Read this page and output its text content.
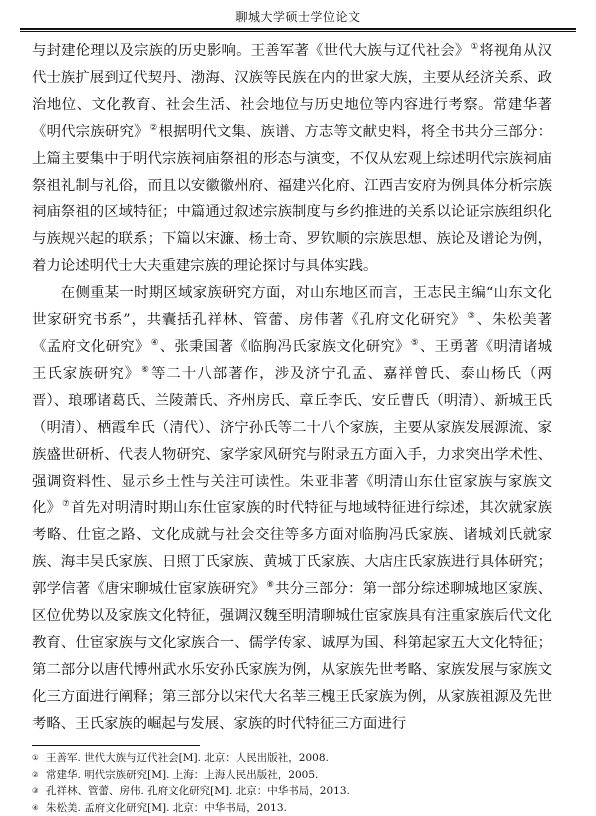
聊城大学硕士学位论文

与封建伦理以及宗族的历史影响。王善军著《世代大族与辽代社会》①将视角从汉代士族扩展到辽代契丹、渤海、汉族等民族在内的世家大族，主要从经济关系、政治地位、文化教育、社会生活、社会地位与历史地位等内容进行考察。常建华著《明代宗族研究》②根据明代文集、族谱、方志等文献史料，将全书共分三部分：上篇主要集中于明代宗族祠庙祭祖的形态与演变，不仅从宏观上综述明代宗族祠庙祭祖礼制与礼俗，而且以安徽徽州府、福建兴化府、江西吉安府为例具体分析宗族祠庙祭祖的区域特征；中篇通过叙述宗族制度与乡约推进的关系以论证宗族组织化与族规兴起的联系；下篇以宋濂、杨士奇、罗钦顺的宗族思想、族论及谱论为例，着力论述明代士大夫重建宗族的理论探讨与具体实践。

在侧重某一时期区域家族研究方面，对山东地区而言，王志民主编“山东文化世家研究书系”，共囊括孔祥林、管蕾、房伟著《孔府文化研究》③、朱松美著《孟府文化研究》④、张秉国著《临朐冯氏家族文化研究》⑤、王勇著《明清诸城王氏家族研究》⑥等二十八部著作，涉及济宁孔孟、嘉祥曾氏、泰山杨氏（两晋）、琅琊诸葛氏、兰陵萧氏、齐州房氏、章丘李氏、安丘曹氏（明清）、新城王氏（明清）、栖霞牟氏（清代）、济宁孙氏等二十八个家族，主要从家族发展源流、家族盛世研析、代表人物研究、家学家风研究与附录五方面入手，力求突出学术性、强调资料性、显示乡土性与关注可读性。朱亚非著《明清山东仕宦家族与家族文化》⑦首先对明清时期山东仕宦家族的时代特征与地域特征进行综述，其次就家族考略、仕宦之路、文化成就与社会交往等多方面对临朐冯氏家族、诸城刘氏就家族、海丰吴氏家族、日照丁氏家族、黄城丁氏家族、大店庄氏家族进行具体研究；郭学信著《唐宋聊城仕宦家族研究》⑧共分三部分：第一部分综述聊城地区家族、区位优势以及家族文化特征，强调汉魏至明清聊城仕宦家族具有注重家族后代文化教育、仕宦家族与文化家族合一、儒学传家、诚厚为国、科第起家五大文化特征；第二部分以唐代博州武水乐安孙氏家族为例，从家族先世考略、家族发展与家族文化三方面进行阐释；第三部分以宋代大名莘三槐王氏家族为例，从家族祖源及先世考略、王氏家族的崛起与发展、家族的时代特征三方面进行

① 王善军. 世代大族与辽代社会[M]. 北京：人民出版社，2008.
② 常建华. 明代宗族研究[M]. 上海：上海人民出版社，2005.
③ 孔祥林、管蕾、房伟. 孔府文化研究[M]. 北京：中华书局，2013.
④ 朱松美. 孟府文化研究[M]. 北京：中华书局，2013.
